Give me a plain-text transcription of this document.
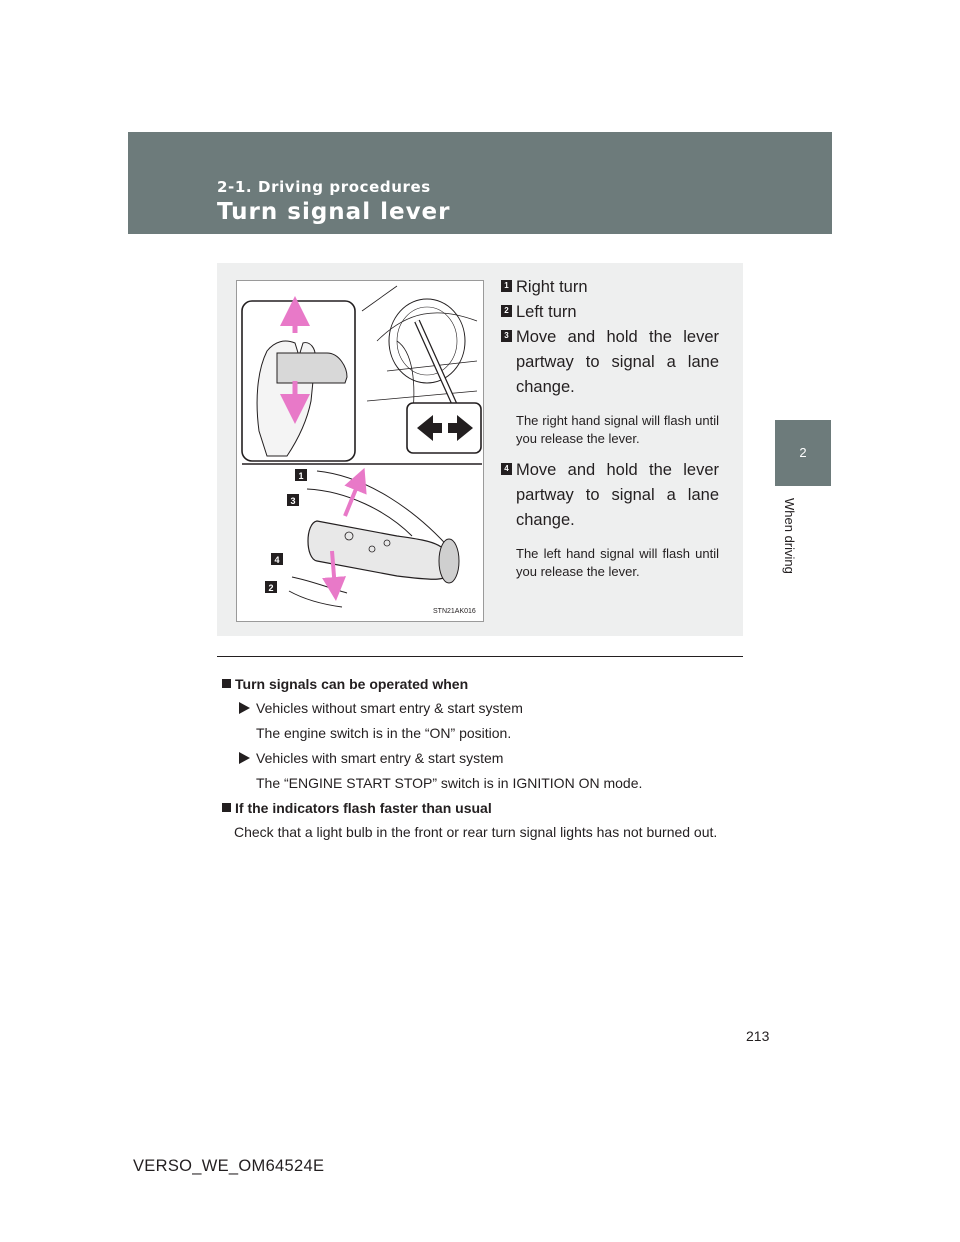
2-1. Driving procedures
Turn signal lever
2
When driving
1
3
4
2
STN21AK016
1 Right turn
2 Left turn
3 Move and hold the lever partway to signal a lane change.
The right hand signal will flash until you release the lever.
4 Move and hold the lever partway to signal a lane change.
The left hand signal will flash until you release the lever.
Turn signals can be operated when
Vehicles without smart entry & start system
The engine switch is in the “ON” position.
Vehicles with smart entry & start system
The “ENGINE START STOP” switch is in IGNITION ON mode.
If the indicators flash faster than usual
Check that a light bulb in the front or rear turn signal lights has not burned out.
213
VERSO_WE_OM64524E
